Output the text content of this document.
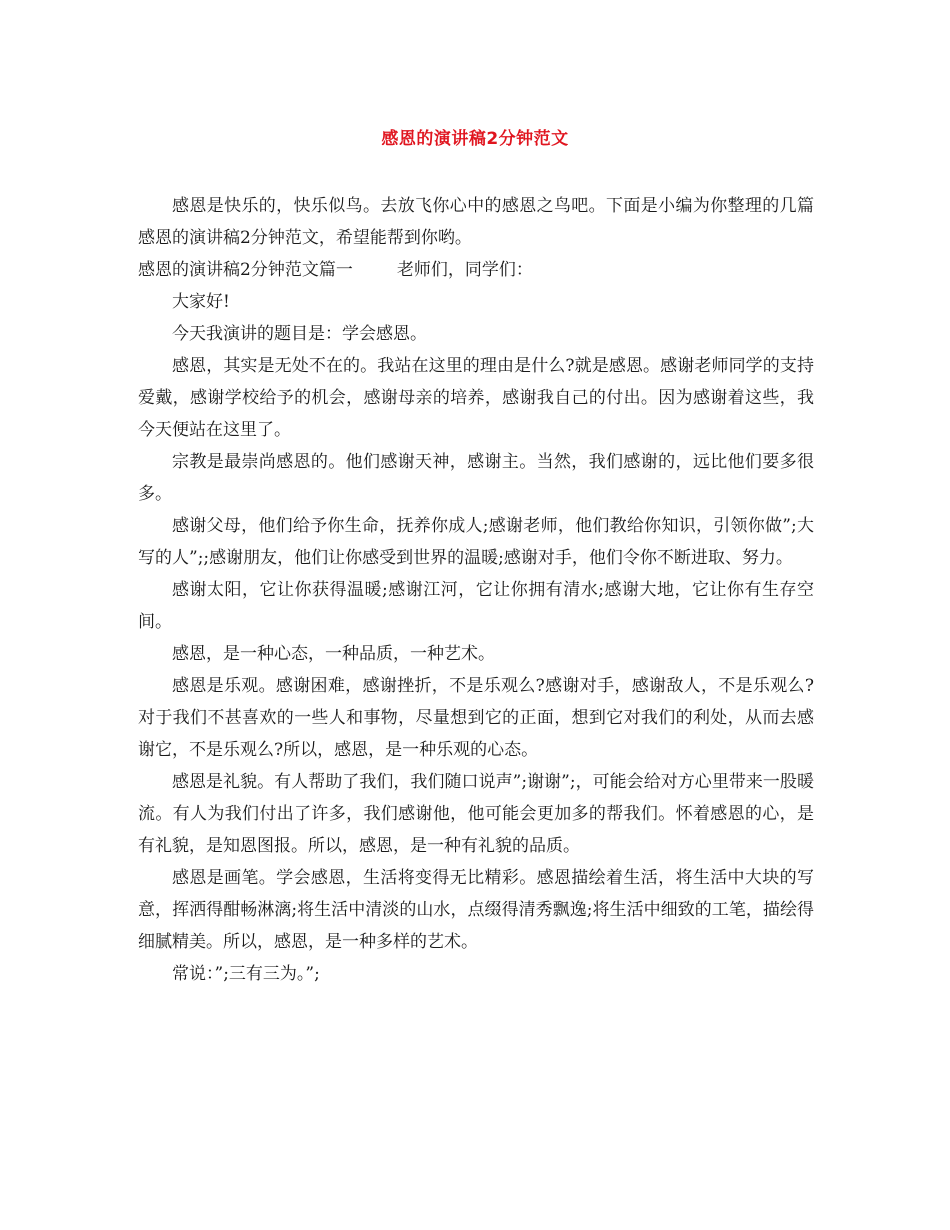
感恩的演讲稿2分钟范文

感恩是快乐的，快乐似鸟。去放飞你心中的感恩之鸟吧。下面是小编为你整理的几篇感恩的演讲稿2分钟范文，希望能帮到你哟。

感恩的演讲稿2分钟范文篇一	老师们，同学们：

大家好!

今天我演讲的题目是：学会感恩。

感恩，其实是无处不在的。我站在这里的理由是什么?就是感恩。感谢老师同学的支持爱戴，感谢学校给予的机会，感谢母亲的培养，感谢我自己的付出。因为感谢着这些，我今天便站在这里了。

宗教是最崇尚感恩的。他们感谢天神，感谢主。当然，我们感谢的，远比他们要多很多。

感谢父母，他们给予你生命，抚养你成人;感谢老师，他们教给你知识，引领你做”;大写的人”;;感谢朋友，他们让你感受到世界的温暖;感谢对手，他们令你不断进取、努力。

感谢太阳，它让你获得温暖;感谢江河，它让你拥有清水;感谢大地，它让你有生存空间。

感恩，是一种心态，一种品质，一种艺术。

感恩是乐观。感谢困难，感谢挫折，不是乐观么?感谢对手，感谢敌人，不是乐观么?对于我们不甚喜欢的一些人和事物，尽量想到它的正面，想到它对我们的利处，从而去感谢它，不是乐观么?所以，感恩，是一种乐观的心态。

感恩是礼貌。有人帮助了我们，我们随口说声”;谢谢”;，可能会给对方心里带来一股暖流。有人为我们付出了许多，我们感谢他，他可能会更加多的帮我们。怀着感恩的心，是有礼貌，是知恩图报。所以，感恩，是一种有礼貌的品质。

感恩是画笔。学会感恩，生活将变得无比精彩。感恩描绘着生活，将生活中大块的写意，挥洒得酣畅淋漓;将生活中清淡的山水，点缀得清秀飘逸;将生活中细致的工笔，描绘得细腻精美。所以，感恩，是一种多样的艺术。

常说：”;三有三为。”;
